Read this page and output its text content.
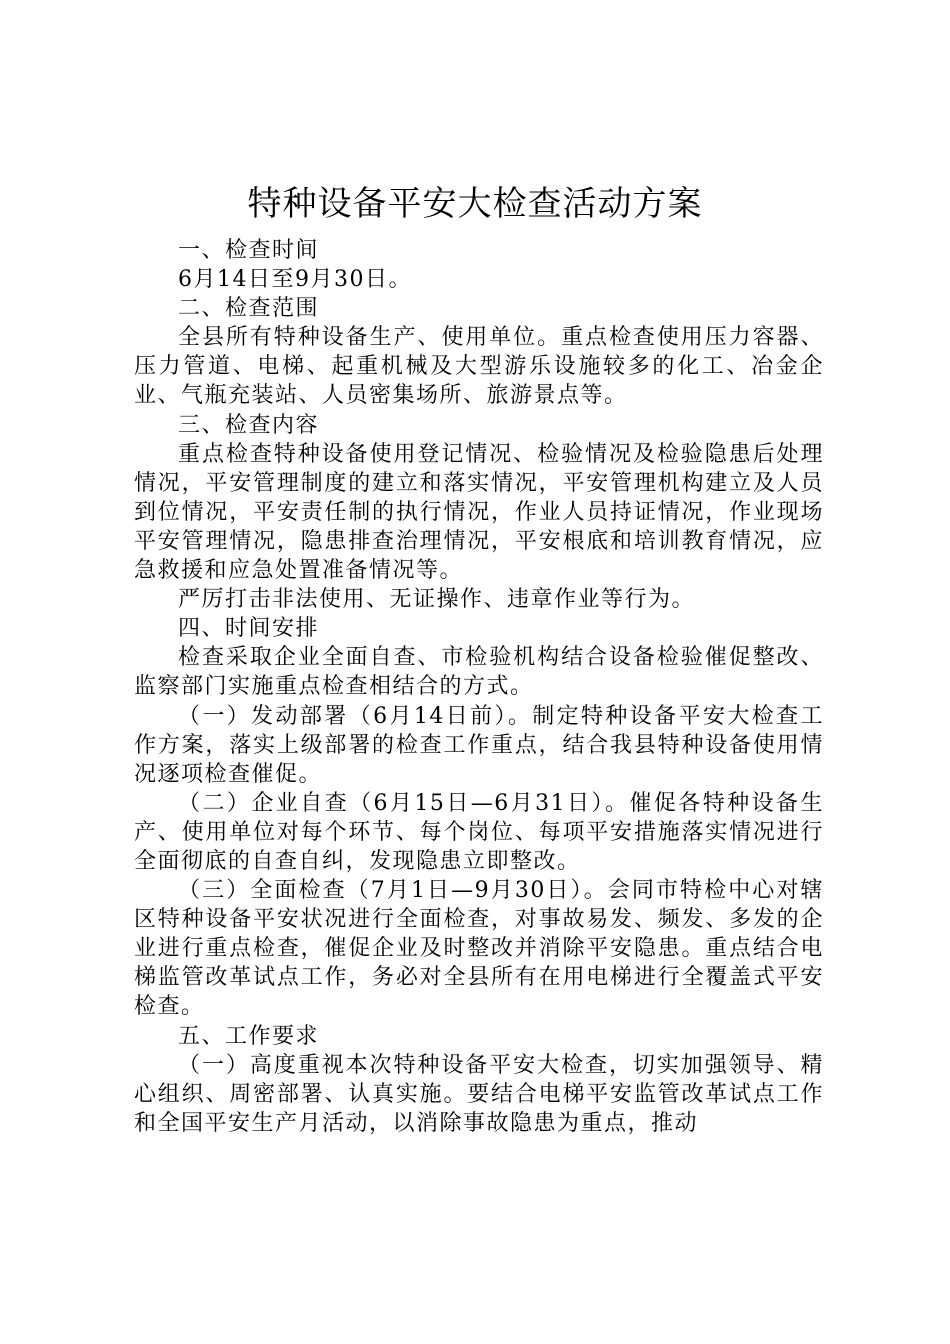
特种设备平安大检查活动方案

一、检查时间

6月14日至9月30日。

二、检查范围

全县所有特种设备生产、使用单位。重点检查使用压力容器、压力管道、电梯、起重机械及大型游乐设施较多的化工、冶金企业、气瓶充装站、人员密集场所、旅游景点等。

三、检查内容

重点检查特种设备使用登记情况、检验情况及检验隐患后处理情况，平安管理制度的建立和落实情况，平安管理机构建立及人员到位情况，平安责任制的执行情况，作业人员持证情况，作业现场平安管理情况，隐患排查治理情况，平安根底和培训教育情况，应急救援和应急处置准备情况等。

严厉打击非法使用、无证操作、违章作业等行为。

四、时间安排

检查采取企业全面自查、市检验机构结合设备检验催促整改、监察部门实施重点检查相结合的方式。

（一）发动部署（6月14日前）。制定特种设备平安大检查工作方案，落实上级部署的检查工作重点，结合我县特种设备使用情况逐项检查催促。

（二）企业自查（6月15日—6月31日）。催促各特种设备生产、使用单位对每个环节、每个岗位、每项平安措施落实情况进行全面彻底的自查自纠，发现隐患立即整改。

（三）全面检查（7月1日—9月30日）。会同市特检中心对辖区特种设备平安状况进行全面检查，对事故易发、频发、多发的企业进行重点检查，催促企业及时整改并消除平安隐患。重点结合电梯监管改革试点工作，务必对全县所有在用电梯进行全覆盖式平安检查。

五、工作要求

（一）高度重视本次特种设备平安大检查，切实加强领导、精心组织、周密部署、认真实施。要结合电梯平安监管改革试点工作和全国平安生产月活动，以消除事故隐患为重点，推动
